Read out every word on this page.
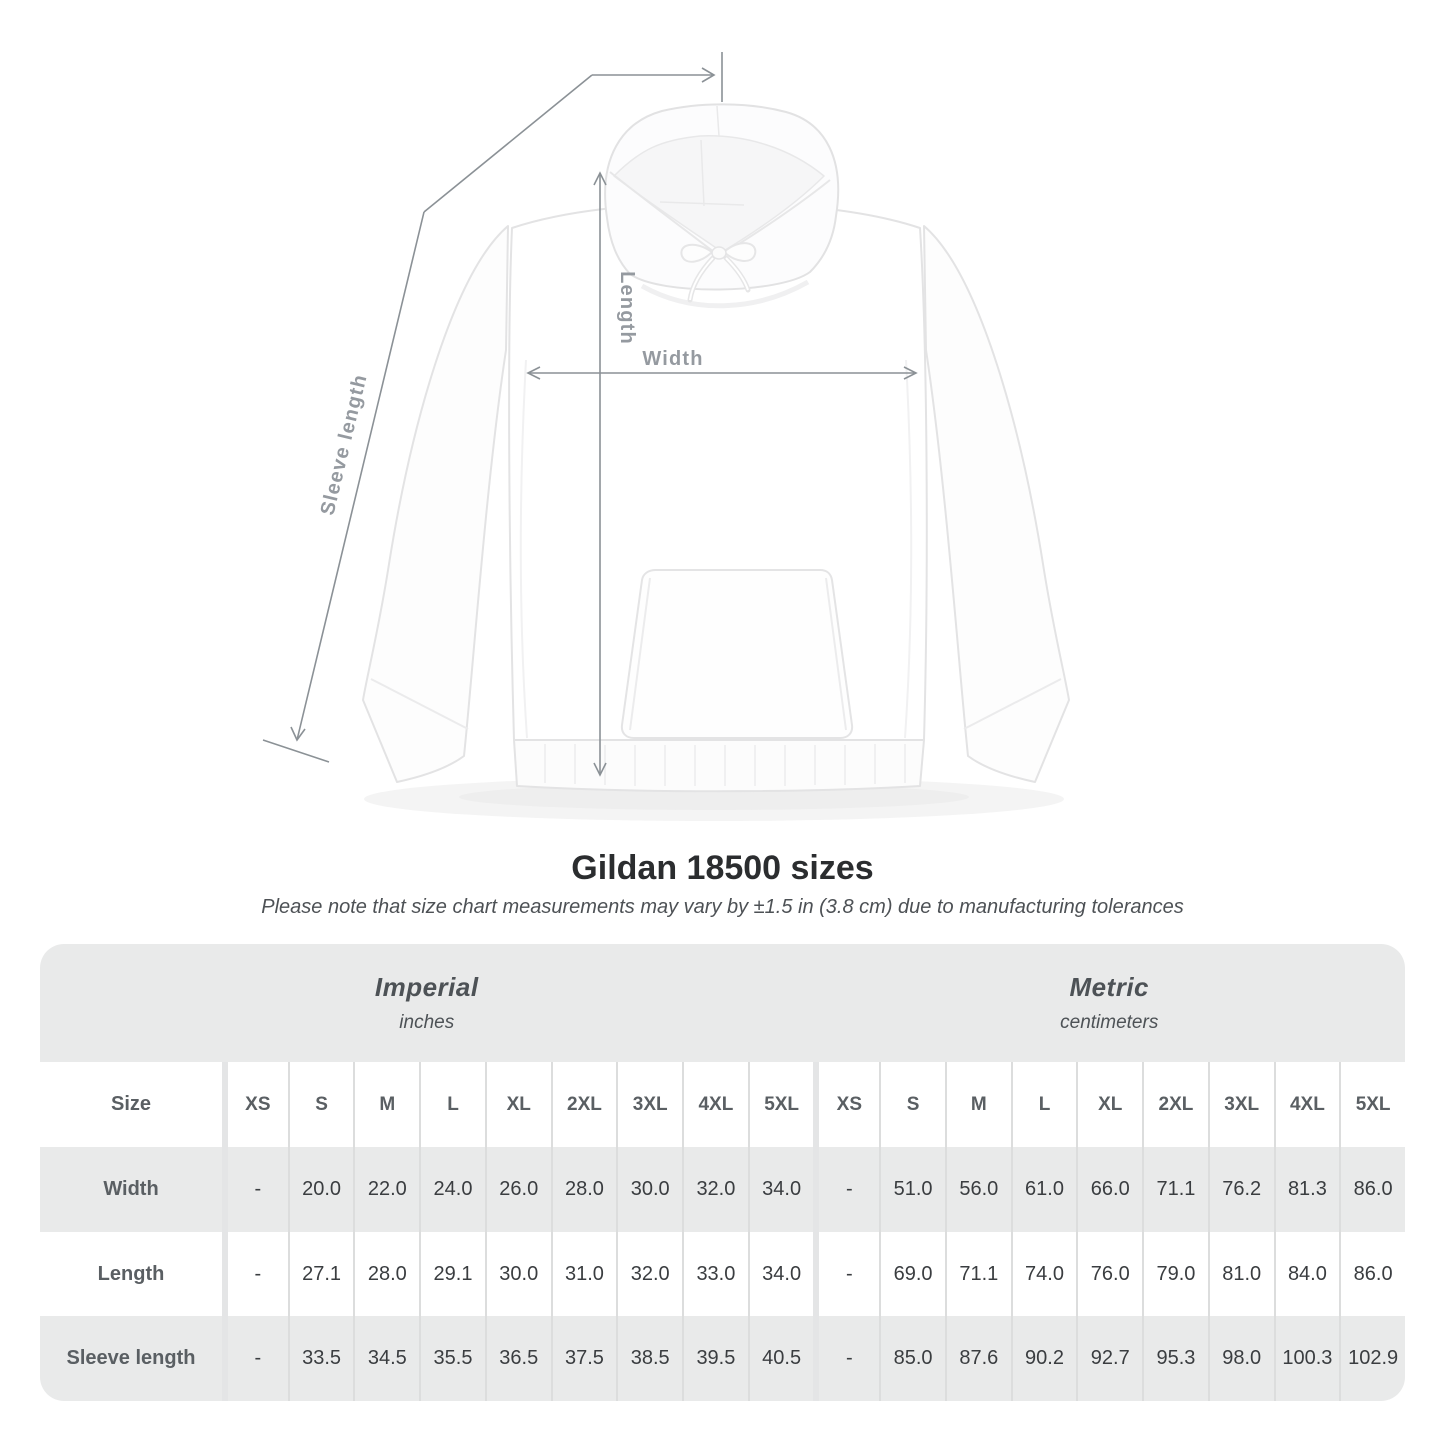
Sleeve length
Length
Width
Gildan 18500 sizes
Please note that size chart measurements may vary by ±1.5 in (3.8 cm) due to manufacturing tolerances
Imperial
inches
Metric
centimeters
Size	XS	S	M	L	XL	2XL	3XL	4XL	5XL	XS	S	M	L	XL	2XL	3XL	4XL	5XL
Width	-	20.0	22.0	24.0	26.0	28.0	30.0	32.0	34.0	-	51.0	56.0	61.0	66.0	71.1	76.2	81.3	86.0
Length	-	27.1	28.0	29.1	30.0	31.0	32.0	33.0	34.0	-	69.0	71.1	74.0	76.0	79.0	81.0	84.0	86.0
Sleeve length	-	33.5	34.5	35.5	36.5	37.5	38.5	39.5	40.5	-	85.0	87.6	90.2	92.7	95.3	98.0	100.3 102.9
